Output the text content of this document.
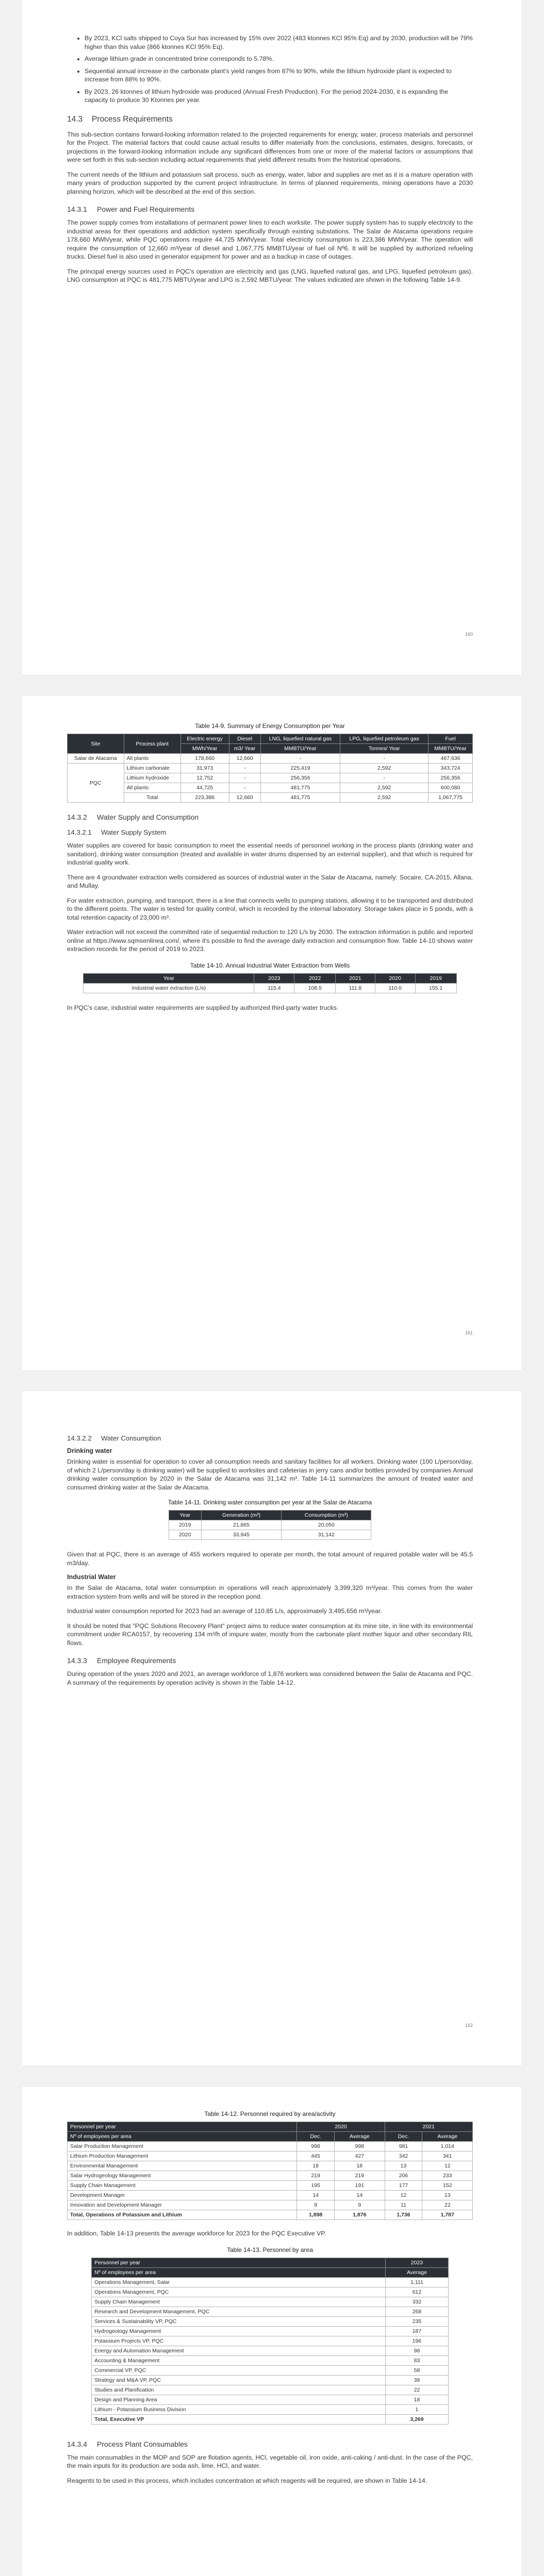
• By 2023, KCl salts shipped to Coya Sur has increased by 15% over 2022 (483 ktonnes KCl 95% Eq) and by 2030, production will be 79% higher than this value (866 ktonnes KCl 95% Eq).
• Average lithium grade in concentrated brine corresponds to 5.78%.
• Sequential annual increase in the carbonate plant's yield ranges from 87% to 90%, while the lithium hydroxide plant is expected to increase from 88% to 90%.
• By 2023, 26 ktonnes of lithium hydroxide was produced (Annual Fresh Production). For the period 2024-2030, it is expanding the capacity to produce 30 Ktonnes per year.
14.3 Process Requirements

This sub-section contains forward-looking information related to the projected requirements for energy, water, process materials and personnel for the Project. The material factors that could cause actual results to differ materially from the conclusions, estimates, designs, forecasts, or projections in the forward-looking information include any significant differences from one or more of the material factors or assumptions that were set forth in this sub-section including actual requirements that yield different results from the historical operations.

The current needs of the lithium and potassium salt process, such as energy, water, labor and supplies are met as it is a mature operation with many years of production supported by the current project infrastructure. In terms of planned requirements, mining operations have a 2030 planning horizon, which will be described at the end of this section.

14.3.1 Power and Fuel Requirements

The power supply comes from installations of permanent power lines to each worksite. The power supply system has to supply electricity to the industrial areas for their operations and addiction system specifically through existing substations. The Salar de Atacama operations require 178,660 MWh/year, while PQC operations require 44,725 MWh/year. Total electricity consumption is 223,386 MWh/year. The operation will require the consumption of 12,660 m³/year of diesel and 1,067,775 MMBTU/year of fuel oil Nº6. It will be supplied by authorized refueling trucks. Diesel fuel is also used in generator equipment for power and as a backup in case of outages.

The principal energy sources used in PQC's operation are electricity and gas (LNG, liquefied natural gas, and LPG, liquefied petroleum gas). LNG consumption at PQC is 481,775 MBTU/year and LPG is 2,592 MBTU/year. The values indicated are shown in the following Table 14-9.

160
Table 14-9. Summary of Energy Consumption per Year
Site	Process plant	Electric energy	Diesel	LNG, liquefied natural gas	LPG, liquefied petroleum gas	Fuel
		MWh/Year	m3/ Year	MMBTU/Year	Tonnes/ Year	MMBTU/Year
Salar de Atacama	All plants	178,660	12,660	-	-	467,636
PQC	Lithium carbonate	31,973	-	225,419	2,592	343,724
	Lithium hydroxide	12,752	-	256,356	-	256,356
	All plants	44,725	-	481,775	2,592	600,080
	Total	223,386	12,660	481,775	2,592	1,067,775
14.3.2 Water Supply and Consumption
14.3.2.1 Water Supply System

Water supplies are covered for basic consumption to meet the essential needs of personnel working in the process plants (drinking water and sanitation), drinking water consumption (treated and available in water drums dispensed by an external supplier), and that which is required for industrial quality work.

There are 4 groundwater extraction wells considered as sources of industrial water in the Salar de Atacama, namely: Socaire, CA-2015, Allana, and Mullay.

For water extraction, pumping, and transport, there is a line that connects wells to pumping stations, allowing it to be transported and distributed to the different points. The water is tested for quality control, which is recorded by the internal laboratory. Storage takes place in 5 ponds, with a total retention capacity of 23,000 m³.

Water extraction will not exceed the committed rate of sequential reduction to 120 L/s by 2030. The extraction information is public and reported online at https://www.sqmsenlinea.com/, where it's possible to find the average daily extraction and consumption flow. Table 14-10 shows water extraction records for the period of 2019 to 2023.

Table 14-10. Annual Industrial Water Extraction from Wells
Year	2023	2022	2021	2020	2019
Industrial water extraction (L/s)	115.4	108.5	111.8	110.0	155.1

In PQC's case, industrial water requirements are supplied by authorized third-party water trucks.

161
14.3.2.2 Water Consumption
Drinking water

Drinking water is essential for operation to cover all consumption needs and sanitary facilities for all workers. Drinking water (100 L/person/day, of which 2 L/person/day is drinking water) will be supplied to worksites and cafeterias in jerry cans and/or bottles provided by companies Annual drinking water consumption by 2020 in the Salar de Atacama was 31,142 m³. Table 14-11 summarizes the amount of treated water and consumed drinking water at the Salar de Atacama.

Table 14-11. Drinking water consumption per year at the Salar de Atacama
Year	Generation (m³)	Consumption (m³)
2019	21,865	20,050
2020	33,945	31,142

Given that at PQC, there is an average of 455 workers required to operate per month, the total amount of required potable water will be 45.5 m3/day.

Industrial Water

In the Salar de Atacama, total water consumption in operations will reach approximately 3,399,320 m³/year. This comes from the water extraction system from wells and will be stored in the reception pond.

Industrial water consumption reported for 2023 had an average of 110.85 L/s, approximately 3,495,656 m³/year.

It should be noted that "PQC Solutions Recovery Plant" project aims to reduce water consumption at its mine site, in line with its environmental commitment under RCA0157, by recovering 134 m³/h of impure water, mostly from the carbonate plant mother liquor and other secondary RIL flows.

14.3.3 Employee Requirements

During operation of the years 2020 and 2021, an average workforce of 1,876 workers was considered between the Salar de Atacama and PQC. A summary of the requirements by operation activity is shown in the Table 14-12.

162
Table 14-12. Personnel required by area/activity
Personnel per year	2020		2021	
Nº of employees per area	Dec.	Average	Dec.	Average
Salar Production Management	998	998	981	1,014
Lithium Production Management	445	427	342	341
Environmental Management	18	18	13	12
Salar Hydrogeology Management	219	219	206	233
Supply Chain Management	195	191	177	152
Development Manager	14	14	12	13
Innovation and Development Manager	9	9	11	22
Total, Operations of Potassium and Lithium	1,898	1,876	1,736	1,787

In addition, Table 14-13 presents the average workforce for 2023 for the PQC Executive VP.

Table 14-13. Personnel by area
Personnel per year	2023
Nº of employees per area	Average
Operations Management, Salar	1,111
Operations Management, PQC	612
Supply Chain Management	332
Research and Development Management, PQC	268
Services & Sustainability VP, PQC	235
Hydrogeology Management	187
Potassium Projects VP, PQC	196
Energy and Automation Management	98
Accounting & Management	83
Commercial VP, PQC	58
Strategy and M&A VP, PQC	38
Studies and Planification	22
Design and Planning Area	18
Lithium - Potassium Business Division	1
Total, Executive VP	3,269
14.3.4 Process Plant Consumables

The main consumables in the MOP and SOP are flotation agents, HCl, vegetable oil, iron oxide, anti-caking / anti-dust. In the case of the PQC, the main inputs for its production are soda ash, lime, HCl, and water.

Reagents to be used in this process, which includes concentration at which reagents will be required, are shown in Table 14-14.
